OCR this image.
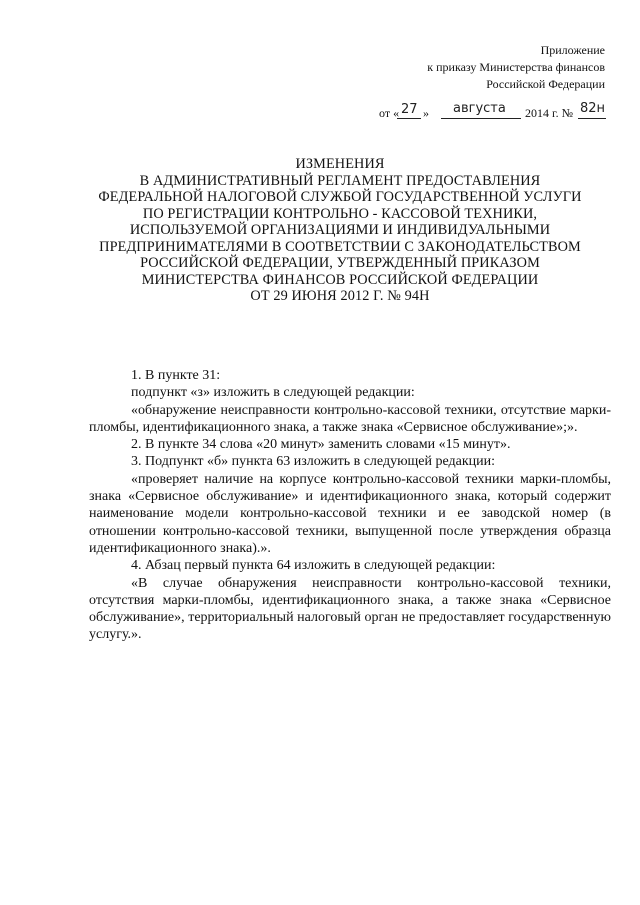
Приложение
к приказу Министерства финансов
Российской Федерации
от « 27 » августа 2014 г. № 82н
ИЗМЕНЕНИЯ
В АДМИНИСТРАТИВНЫЙ РЕГЛАМЕНТ ПРЕДОСТАВЛЕНИЯ
ФЕДЕРАЛЬНОЙ НАЛОГОВОЙ СЛУЖБОЙ ГОСУДАРСТВЕННОЙ УСЛУГИ
ПО РЕГИСТРАЦИИ КОНТРОЛЬНО - КАССОВОЙ ТЕХНИКИ,
ИСПОЛЬЗУЕМОЙ ОРГАНИЗАЦИЯМИ И ИНДИВИДУАЛЬНЫМИ
ПРЕДПРИНИМАТЕЛЯМИ В СООТВЕТСТВИИ С ЗАКОНОДАТЕЛЬСТВОМ
РОССИЙСКОЙ ФЕДЕРАЦИИ, УТВЕРЖДЕННЫЙ ПРИКАЗОМ
МИНИСТЕРСТВА ФИНАНСОВ РОССИЙСКОЙ ФЕДЕРАЦИИ
ОТ 29 ИЮНЯ 2012 Г. № 94Н

1. В пункте 31:

подпункт «з» изложить в следующей редакции:

«обнаружение неисправности контрольно-кассовой техники, отсутствие марки-пломбы, идентификационного знака, а также знака «Сервисное обслуживание»;».

2. В пункте 34 слова «20 минут» заменить словами «15 минут».

3. Подпункт «б» пункта 63 изложить в следующей редакции:

«проверяет наличие на корпусе контрольно-кассовой техники марки-пломбы, знака «Сервисное обслуживание» и идентификационного знака, который содержит наименование модели контрольно-кассовой техники и ее заводской номер (в отношении контрольно-кассовой техники, выпущенной после утверждения образца идентификационного знака).».

4. Абзац первый пункта 64 изложить в следующей редакции:

«В случае обнаружения неисправности контрольно-кассовой техники, отсутствия марки-пломбы, идентификационного знака, а также знака «Сервисное обслуживание», территориальный налоговый орган не предоставляет государственную услугу.».
